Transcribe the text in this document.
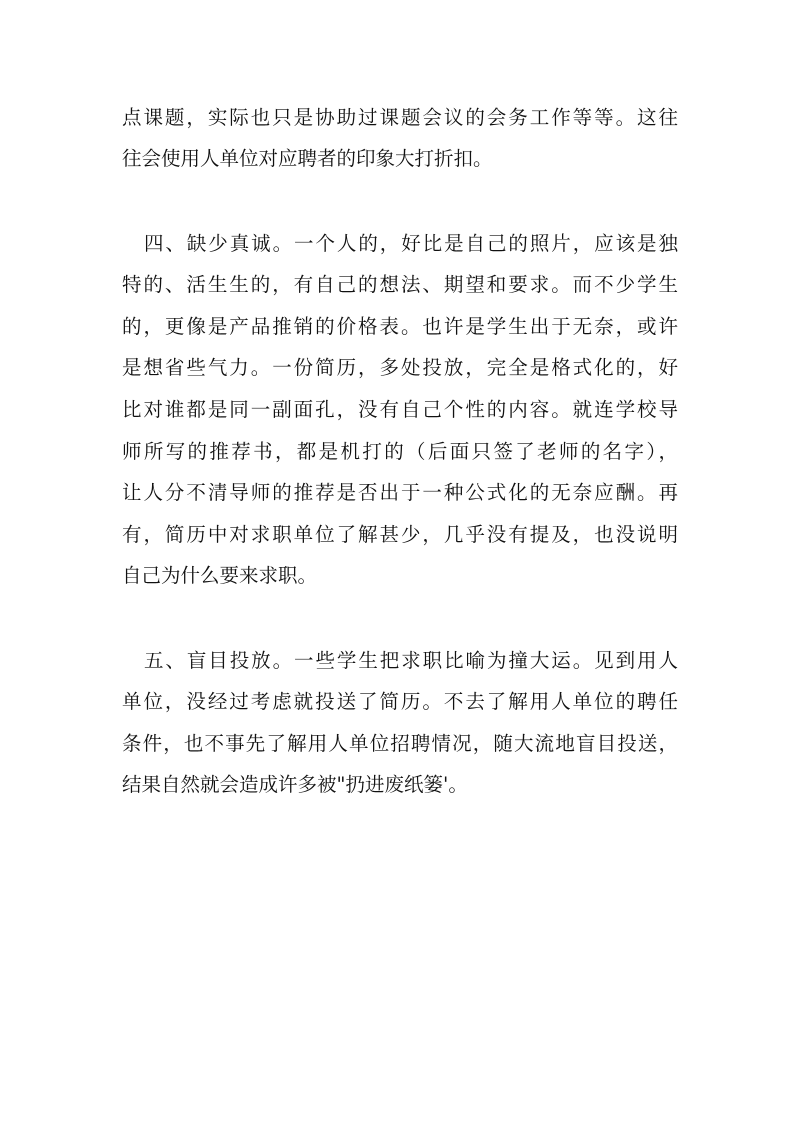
点课题，实际也只是协助过课题会议的会务工作等等。这往
往会使用人单位对应聘者的印象大打折扣。
四、缺少真诚。一个人的，好比是自己的照片，应该是独
特的、活生生的，有自己的想法、期望和要求。而不少学生
的，更像是产品推销的价格表。也许是学生出于无奈，或许
是想省些气力。一份简历，多处投放，完全是格式化的，好
比对谁都是同一副面孔，没有自己个性的内容。就连学校导
师所写的推荐书，都是机打的（后面只签了老师的名字），
让人分不清导师的推荐是否出于一种公式化的无奈应酬。再
有，简历中对求职单位了解甚少，几乎没有提及，也没说明
自己为什么要来求职。
五、盲目投放。一些学生把求职比喻为撞大运。见到用人
单位，没经过考虑就投送了简历。不去了解用人单位的聘任
条件，也不事先了解用人单位招聘情况，随大流地盲目投送，
结果自然就会造成许多被"扔进废纸篓'。
